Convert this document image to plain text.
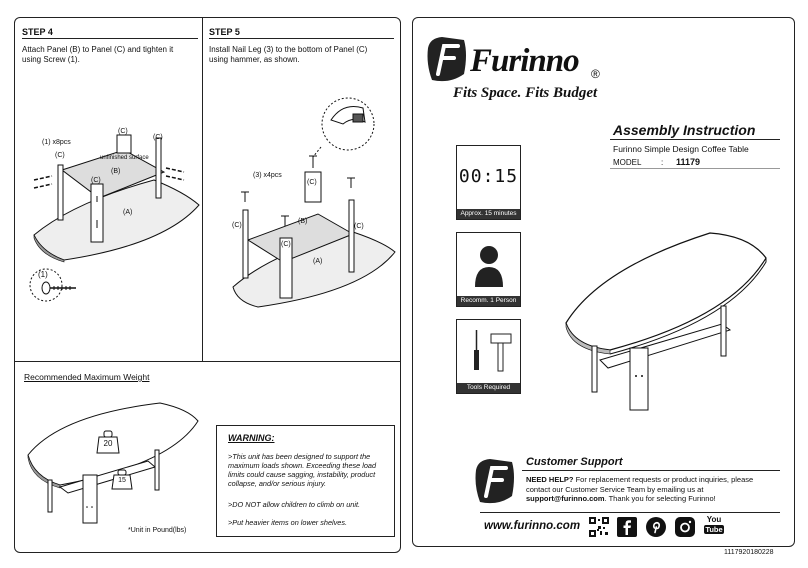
STEP 4
Attach Panel (B) to Panel (C) and tighten it using Screw (1).
(1) x8pcs
(C)
(C)
(C)
unfinished surface
(B)
(C)
(A)
(1)
STEP 5
Install Nail Leg (3) to the bottom of Panel (C) using hammer, as shown.
(3) x4pcs
(C)
(C)	(C)
(B)
(C)
(A)
Recommended Maximum Weight
20
15
*Unit in Pound(lbs)
WARNING:
>This unit has been designed to support the maximum loads shown. Exceeding these load limits could cause sagging, instability, product collapse, and/or serious injury.
>DO NOT allow children to climb on unit.
>Put heavier items on lower shelves.
Furinno ®
Fits Space. Fits Budget
Assembly Instruction
Furinno Simple Design Coffee Table
MODEL : 11179
00:15
Approx. 15 minutes
Recomm. 1 Person
Tools Required
Customer Support
NEED HELP? For replacement requests or product inquiries, please contact our Customer Service Team by emailing us at support@furinno.com. Thank you for selecting Furinno!
www.furinno.com
You
Tube
1117920180228
